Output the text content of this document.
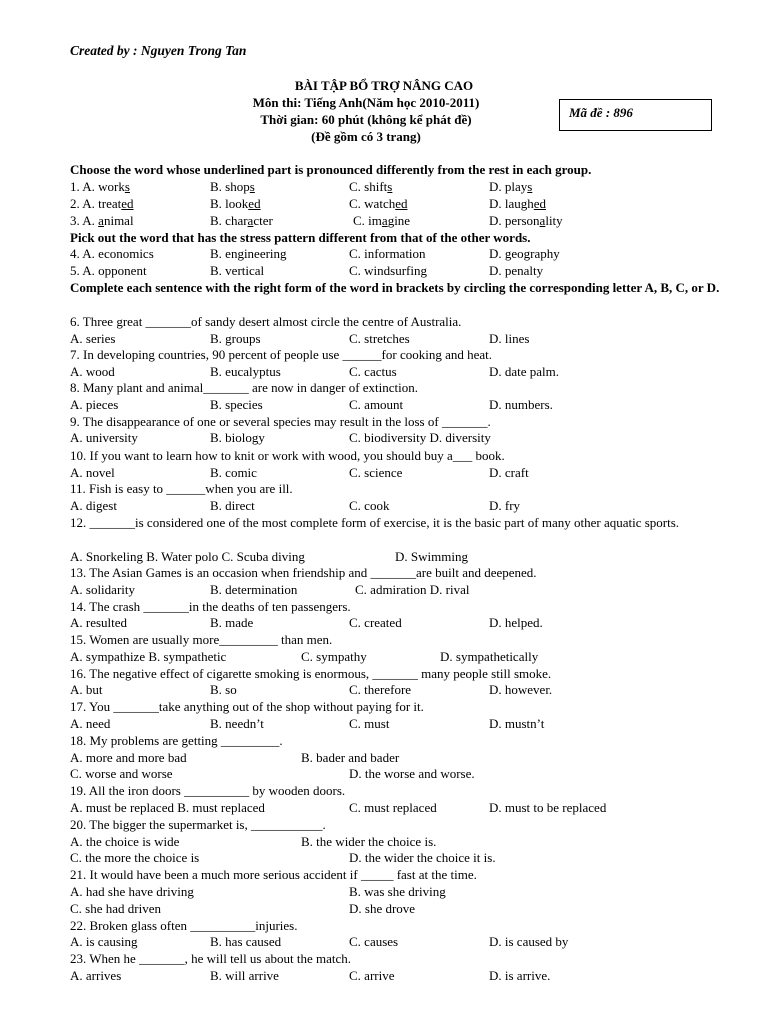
Created by : Nguyen Trong Tan
BÀI TẬP BỔ TRỢ NÂNG CAO
Môn thi: Tiếng Anh(Năm học 2010-2011)
Thời gian: 60 phút (không kể phát đề)
(Đề gồm có 3 trang)
Mã đề : 896
Choose the word whose underlined part is pronounced differently from the rest in each group.
1. A. works	B. shops	C. shifts	D. plays
2. A. treated	B. looked	C. watched	D. laughed
3. A. animal	B. character	C. imagine	D. personality
Pick out the word that has the stress pattern different from that of the other words.
4. A. economics	B. engineering	C. information	D. geography
5. A. opponent	B. vertical	C. windsurfing	D. penalty
Complete each sentence with the right form of the word in brackets by circling the corresponding letter A, B, C, or D.
6. Three great _______of sandy desert almost circle the centre of Australia.
A. series	B. groups	C. stretches	D. lines
7. In developing countries, 90 percent of people use ______for cooking and heat.
A. wood	B. eucalyptus	C. cactus	D. date palm.
8. Many plant and animal_______ are now in danger of extinction.
A. pieces	B. species	C. amount	D. numbers.
9. The disappearance of one or several species may result in the loss of _______.
A. university	B. biology	C. biodiversity D. diversity
10. If you want to learn how to knit or work with wood, you should buy a___ book.
A. novel	B. comic	C. science	D. craft
11. Fish is easy to ______when you are ill.
A. digest	B. direct	C. cook	D. fry
12. _______is considered one of the most complete form of exercise, it is the basic part of many other aquatic sports.
A. Snorkeling B. Water polo C. Scuba diving	D. Swimming
13. The Asian Games is an occasion when friendship and _______are built and deepened.
A. solidarity	B. determination	C. admiration D. rival
14. The crash _______in the deaths of ten passengers.
A. resulted	B. made	C. created	D. helped.
15. Women are usually more_________ than men.
A. sympathize B. sympathetic	C. sympathy	D. sympathetically
16. The negative effect of cigarette smoking is enormous, _______ many people still smoke.
A. but	B. so	C. therefore	D. however.
17. You _______take anything out of the shop without paying for it.
A. need	B. needn’t	C. must	D. mustn’t
18. My problems are getting _________.
A. more and more bad	B. bader and bader
C. worse and worse	D. the worse and worse.
19. All the iron doors __________ by wooden doors.
A. must be replaced B. must replaced	C. must replaced	D. must to be replaced
20. The bigger the supermarket is, ___________.
A. the choice is wide	B. the wider the choice is.
C. the more the choice is	D. the wider the choice it is.
21. It would have been a much more serious accident if _____ fast at the time.
A. had she have driving	B. was she driving
C. she had driven	D. she drove
22. Broken glass often __________injuries.
A. is causing	B. has caused	C. causes	D. is caused by
23. When he _______, he will tell us about the match.
A. arrives	B. will arrive	C. arrive	D. is arrive.
